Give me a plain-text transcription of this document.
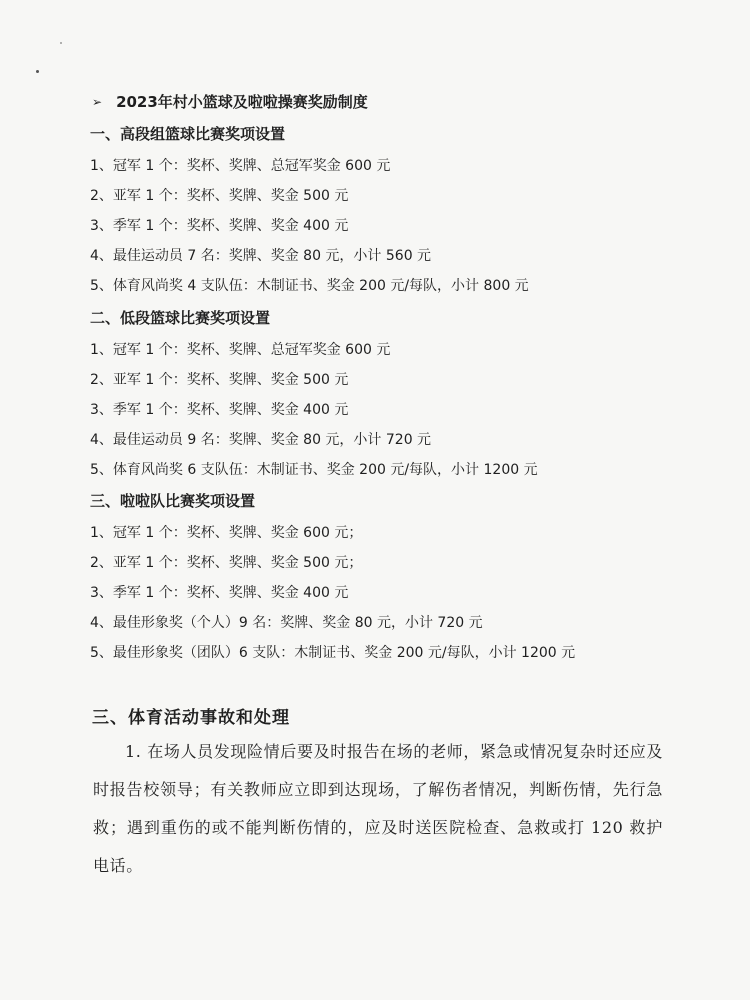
➢ 2023年村小篮球及啦啦操赛奖励制度
一、高段组篮球比赛奖项设置
1、冠军 1 个：奖杯、奖牌、总冠军奖金 600 元
2、亚军 1 个：奖杯、奖牌、奖金 500 元
3、季军 1 个：奖杯、奖牌、奖金 400 元
4、最佳运动员 7 名：奖牌、奖金 80 元，小计 560 元
5、体育风尚奖 4 支队伍：木制证书、奖金 200 元/每队，小计 800 元
二、低段篮球比赛奖项设置
1、冠军 1 个：奖杯、奖牌、总冠军奖金 600 元
2、亚军 1 个：奖杯、奖牌、奖金 500 元
3、季军 1 个：奖杯、奖牌、奖金 400 元
4、最佳运动员 9 名：奖牌、奖金 80 元，小计 720 元
5、体育风尚奖 6 支队伍：木制证书、奖金 200 元/每队，小计 1200 元
三、啦啦队比赛奖项设置
1、冠军 1 个：奖杯、奖牌、奖金 600 元；
2、亚军 1 个：奖杯、奖牌、奖金 500 元；
3、季军 1 个：奖杯、奖牌、奖金 400 元
4、最佳形象奖（个人）9 名：奖牌、奖金 80 元，小计 720 元
5、最佳形象奖（团队）6 支队：木制证书、奖金 200 元/每队，小计 1200 元
三、体育活动事故和处理

1. 在场人员发现险情后要及时报告在场的老师，紧急或情况复杂时还应及时报告校领导；有关教师应立即到达现场，了解伤者情况，判断伤情，先行急救；遇到重伤的或不能判断伤情的，应及时送医院检查、急救或打 120 救护电话。
